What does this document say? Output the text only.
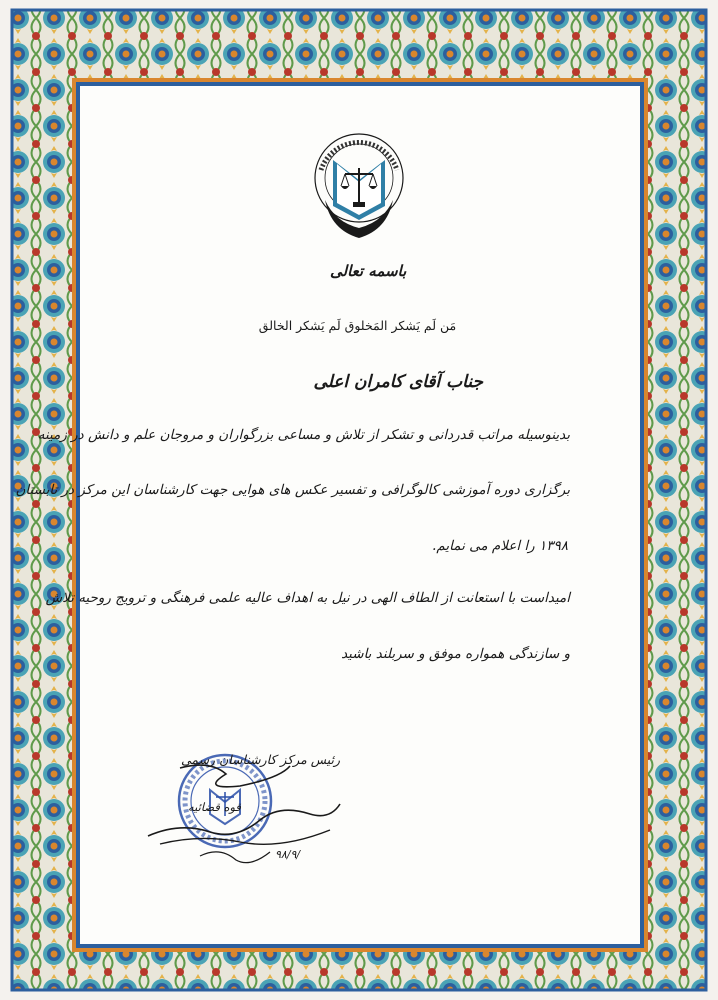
باسمه تعالی
مَن لَم یَشکر المَخلوق لَم یَشکر الخالق
جناب آقای کامران اعلی
بدینوسیله مراتب قدردانی و تشکر از تلاش و مساعی بزرگواران و مروجان علم و دانش در زمینه
برگزاری دوره آموزشی کالوگرافی و تفسیر عکس های هوایی جهت کارشناسان این مرکز در تابستان
۱۳۹۸ را اعلام می نمایم.
امیداست با استعانت از الطاف الهی در نیل به اهداف عالیه علمی فرهنگی و ترویج روحیه تلاش
و سازندگی همواره موفق و سربلند باشید
رئیس مرکز کارشناسان رسمی
قوه قضائیه
۹۸/۹/
